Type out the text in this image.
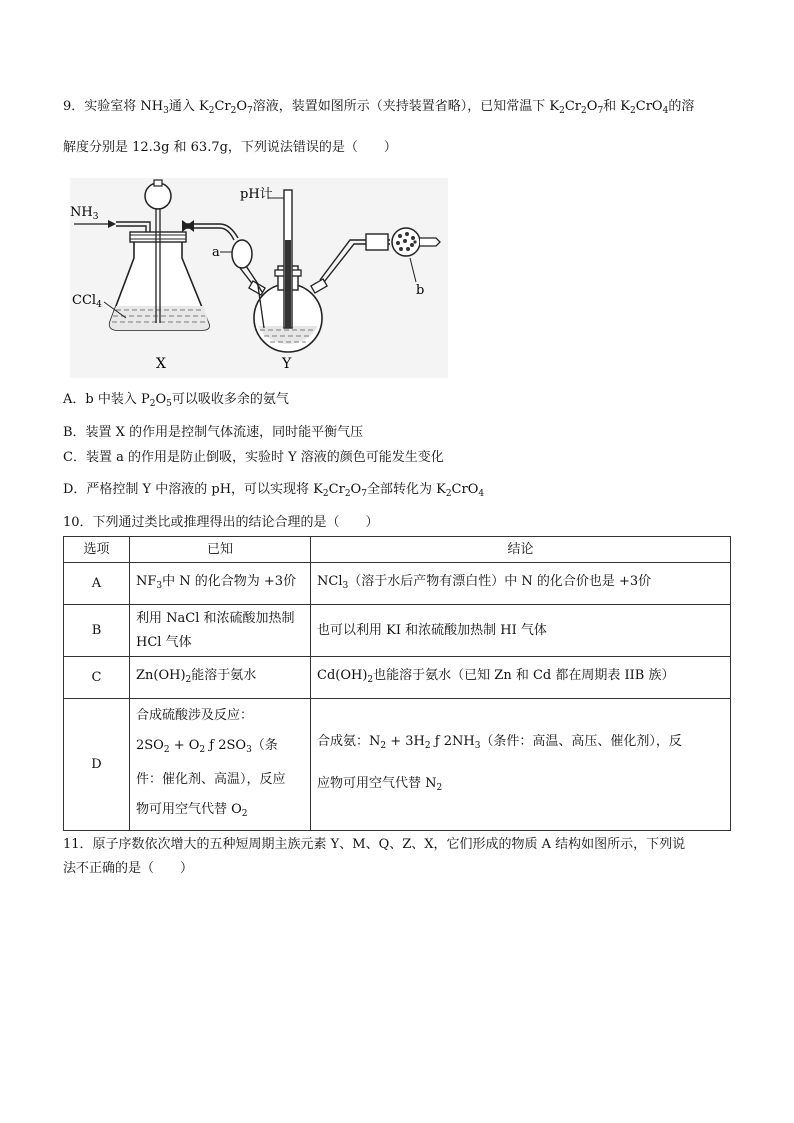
9．实验室将 $NH_3$通入 $K_2Cr_2O_7$溶液，装置如图所示（夹持装置省略），已知常温下 $K_2Cr_2O_7$和 $K_2CrO_4$的溶
解度分别是 12.3g 和 63.7g，下列说法错误的是（　　）
$NH_3$
pH计
CCl$_4$
a
b
X	Y
A．b 中装入 $P_2O_5$可以吸收多余的氨气
B．装置 X 的作用是控制气体流速，同时能平衡气压
C．装置 a 的作用是防止倒吸，实验时 Y 溶液的颜色可能发生变化
D．严格控制 Y 中溶液的 pH，可以实现将 $K_2Cr_2O_7$全部转化为 $K_2CrO_4$
10．下列通过类比或推理得出的结论合理的是（　　）
选项	已知	结论
A	$NF_3$中 N 的化合物为 +3价	NCl$_3$（溶于水后产物有漂白性）中 N 的化合价也是 +3价
B	利用 NaCl 和浓硫酸加热制
HCl 气体	也可以利用 KI 和浓硫酸加热制 HI 气体
C	$Zn(OH)_2$能溶于氨水	$Cd(OH)_2$也能溶于氨水（已知 Zn 和 Cd 都在周期表 IIB 族）
D	合成硫酸涉及反应：
$2SO_2 + O_2$ ƒ $2SO_3$（条
件：催化剂、高温），反应
物可用空气代替 $O_2$	合成氨：$N_2 + 3H_2$ ƒ $2NH_3$（条件：高温、高压、催化剂），反
应物可用空气代替 $N_2$
11．原子序数依次增大的五种短周期主族元素 Y、M、Q、Z、X，它们形成的物质 A 结构如图所示，下列说
法不正确的是（　　）
